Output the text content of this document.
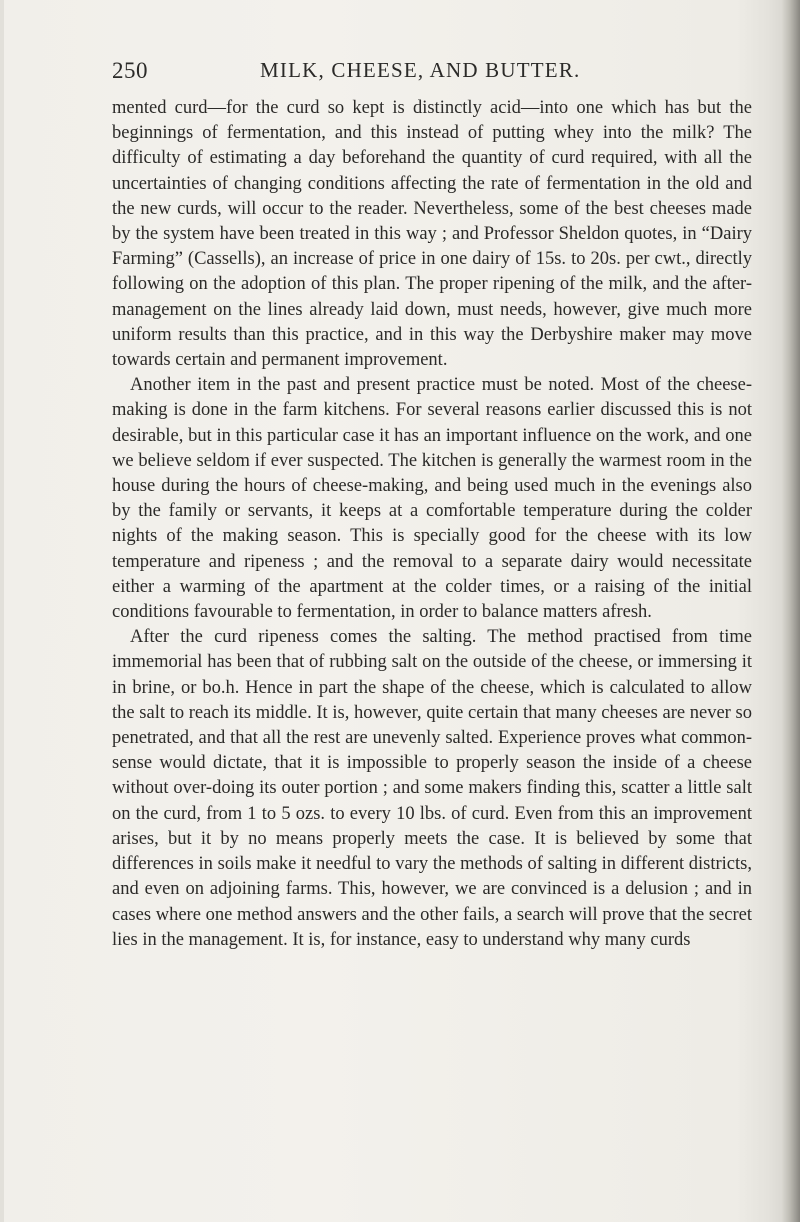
250	MILK, CHEESE, AND BUTTER.

mented curd—for the curd so kept is distinctly acid—into one which has but the beginnings of fermentation, and this instead of putting whey into the milk? The difficulty of estimating a day beforehand the quantity of curd required, with all the uncertainties of changing conditions affecting the rate of fermentation in the old and the new curds, will occur to the reader. Nevertheless, some of the best cheeses made by the system have been treated in this way ; and Professor Sheldon quotes, in “Dairy Farming” (Cassells), an increase of price in one dairy of 15s. to 20s. per cwt., directly following on the adoption of this plan. The proper ripening of the milk, and the after-management on the lines already laid down, must needs, however, give much more uniform results than this practice, and in this way the Derbyshire maker may move towards certain and permanent improvement.

Another item in the past and present practice must be noted. Most of the cheese-making is done in the farm kitchens. For several reasons earlier discussed this is not desirable, but in this particular case it has an important influence on the work, and one we believe seldom if ever suspected. The kitchen is generally the warmest room in the house during the hours of cheese-making, and being used much in the evenings also by the family or servants, it keeps at a comfortable temperature during the colder nights of the making season. This is specially good for the cheese with its low temperature and ripeness ; and the removal to a separate dairy would necessitate either a warming of the apartment at the colder times, or a raising of the initial conditions favourable to fermentation, in order to balance matters afresh.

After the curd ripeness comes the salting. The method practised from time immemorial has been that of rubbing salt on the outside of the cheese, or immersing it in brine, or bo.h. Hence in part the shape of the cheese, which is calculated to allow the salt to reach its middle. It is, however, quite certain that many cheeses are never so penetrated, and that all the rest are unevenly salted. Experience proves what common-sense would dictate, that it is impossible to properly season the inside of a cheese without over-doing its outer portion ; and some makers finding this, scatter a little salt on the curd, from 1 to 5 ozs. to every 10 lbs. of curd. Even from this an improvement arises, but it by no means properly meets the case. It is believed by some that differences in soils make it needful to vary the methods of salting in different districts, and even on adjoining farms. This, however, we are convinced is a delusion ; and in cases where one method answers and the other fails, a search will prove that the secret lies in the management. It is, for instance, easy to understand why many curds
